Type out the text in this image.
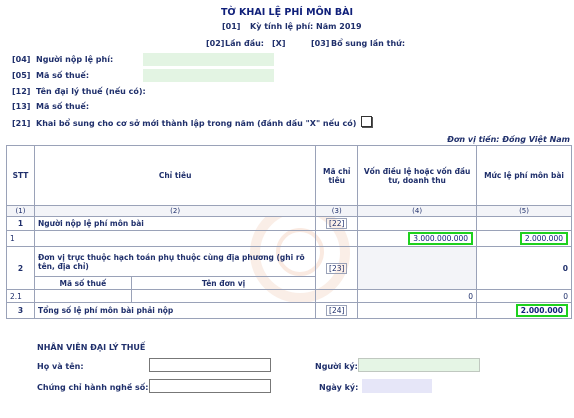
TỜ KHAI LỆ PHÍ MÔN BÀI
[01] Kỳ tính lệ phí: Năm 2019
[02] Lần đầu: [X]	[03] Bổ sung lần thứ:
[04] Người nộp lệ phí:
[05] Mã số thuế:
[12] Tên đại lý thuế (nếu có):
[13] Mã số thuế:
[21] Khai bổ sung cho cơ sở mới thành lập trong năm (đánh dấu "X" nếu có)
Đơn vị tiền: Đồng Việt Nam
STT	Chỉ tiêu		Mã chỉ tiêu	Vốn điều lệ hoặc vốn đầu tư, doanh thu	Mức lệ phí môn bài
(1)	(2)		(3)	(4)	(5)
1	Người nộp lệ phí môn bài		[22]		
1				3.000.000.000	2.000.000
2	Đơn vị trực thuộc hạch toán phụ thuộc cùng địa phương (ghi rõ tên, địa chỉ)		[23]		0
	Mã số thuế	Tên đơn vị			
2.1				0	0
3	Tổng số lệ phí môn bài phải nộp		[24]		2.000.000
NHÂN VIÊN ĐẠI LÝ THUẾ
Họ và tên:	Người ký:
Chứng chỉ hành nghề số:	Ngày ký:
